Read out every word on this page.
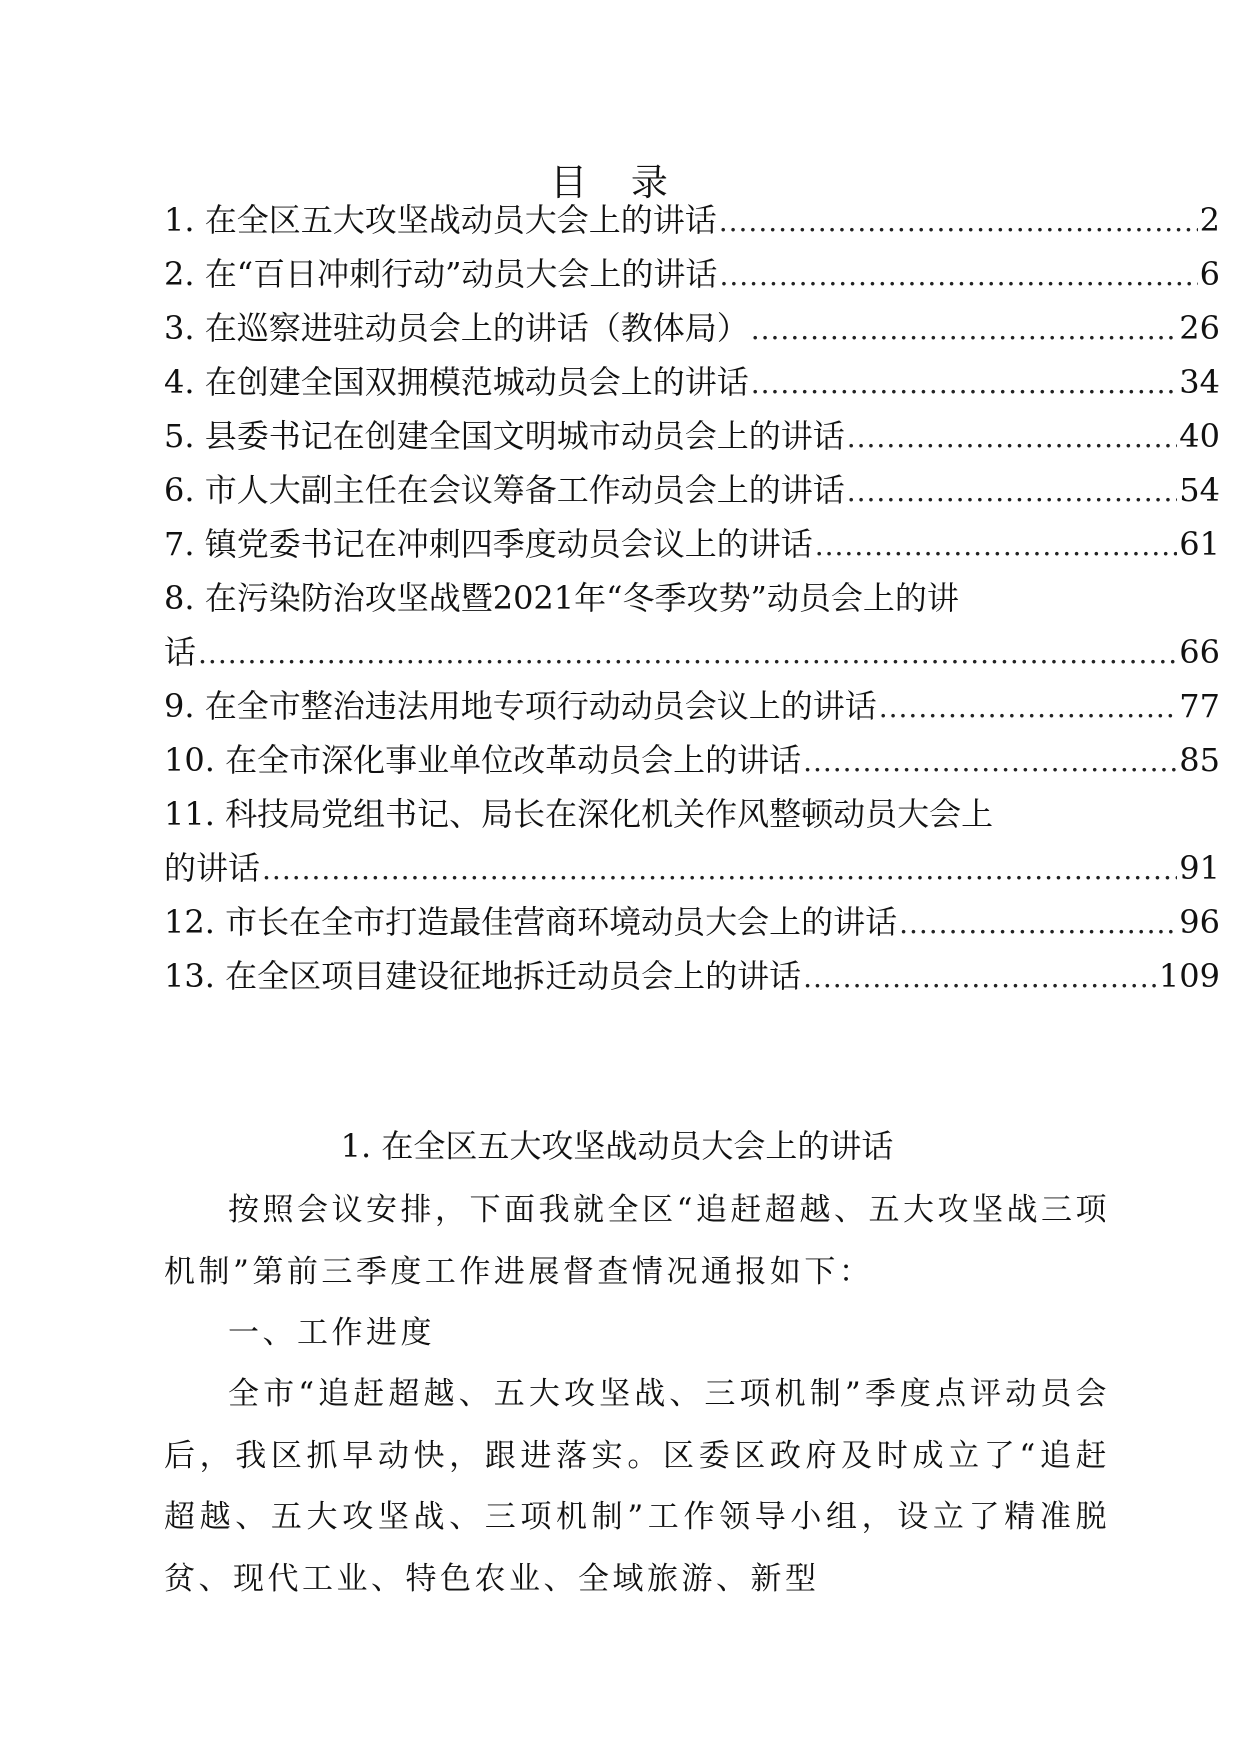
目 录
1. 在全区五大攻坚战动员大会上的讲话 .....	2
2. 在“百日冲刺行动”动员大会上的讲话 .....	6
3. 在巡察进驻动员会上的讲话（教体局） .....	26
4. 在创建全国双拥模范城动员会上的讲话 .....	34
5. 县委书记在创建全国文明城市动员会上的讲话 .....	40
6. 市人大副主任在会议筹备工作动员会上的讲话 .....	54
7. 镇党委书记在冲刺四季度动员会议上的讲话 .....	61
8. 在污染防治攻坚战暨2021年“冬季攻势”动员会上的讲
话 .....	66
9. 在全市整治违法用地专项行动动员会议上的讲话 .....	77
10. 在全市深化事业单位改革动员会上的讲话 .....	85
11. 科技局党组书记、局长在深化机关作风整顿动员大会上
的讲话 .....	91
12. 市长在全市打造最佳营商环境动员大会上的讲话 .....	96
13. 在全区项目建设征地拆迁动员会上的讲话 .....	109
1. 在全区五大攻坚战动员大会上的讲话
按照会议安排，下面我就全区“追赶超越、五大攻坚战三项机制”第前三季度工作进展督查情况通报如下：
一、工作进度
全市“追赶超越、五大攻坚战、三项机制”季度点评动员会后，我区抓早动快，跟进落实。区委区政府及时成立了“追赶超越、五大攻坚战、三项机制”工作领导小组，设立了精准脱贫、现代工业、特色农业、全域旅游、新型
